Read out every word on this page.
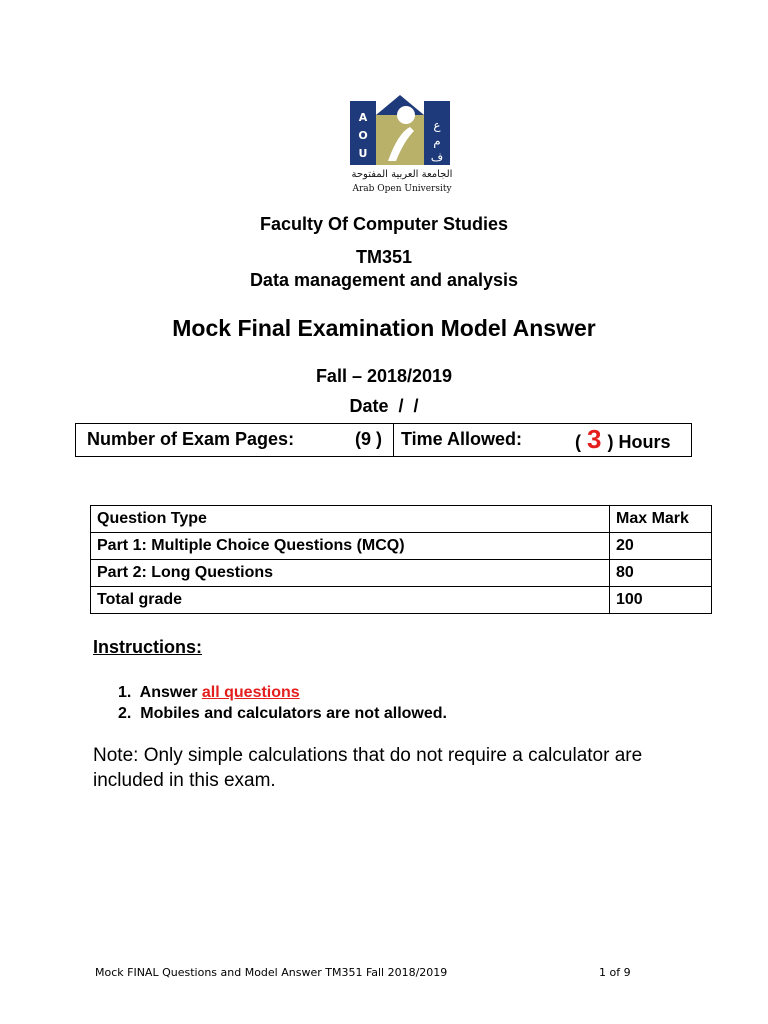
A
O
U
ع
م
ف
الجامعة العربية المفتوحة
Arab Open University
Faculty Of Computer Studies
TM351
Data management and analysis
Mock Final Examination Model Answer
Fall – 2018/2019
Date  /  /
Number of Exam Pages:	(9 ) Time Allowed:	( 3 ) Hours
Question Type	Max Mark
Part 1: Multiple Choice Questions (MCQ)	20
Part 2: Long Questions	80
Total grade	100
Instructions:
1. Answer all questions
2. Mobiles and calculators are not allowed.
Note: Only simple calculations that do not require a calculator are included in this exam.
Mock FINAL Questions and Model Answer TM351 Fall 2018/2019	1 of 9
